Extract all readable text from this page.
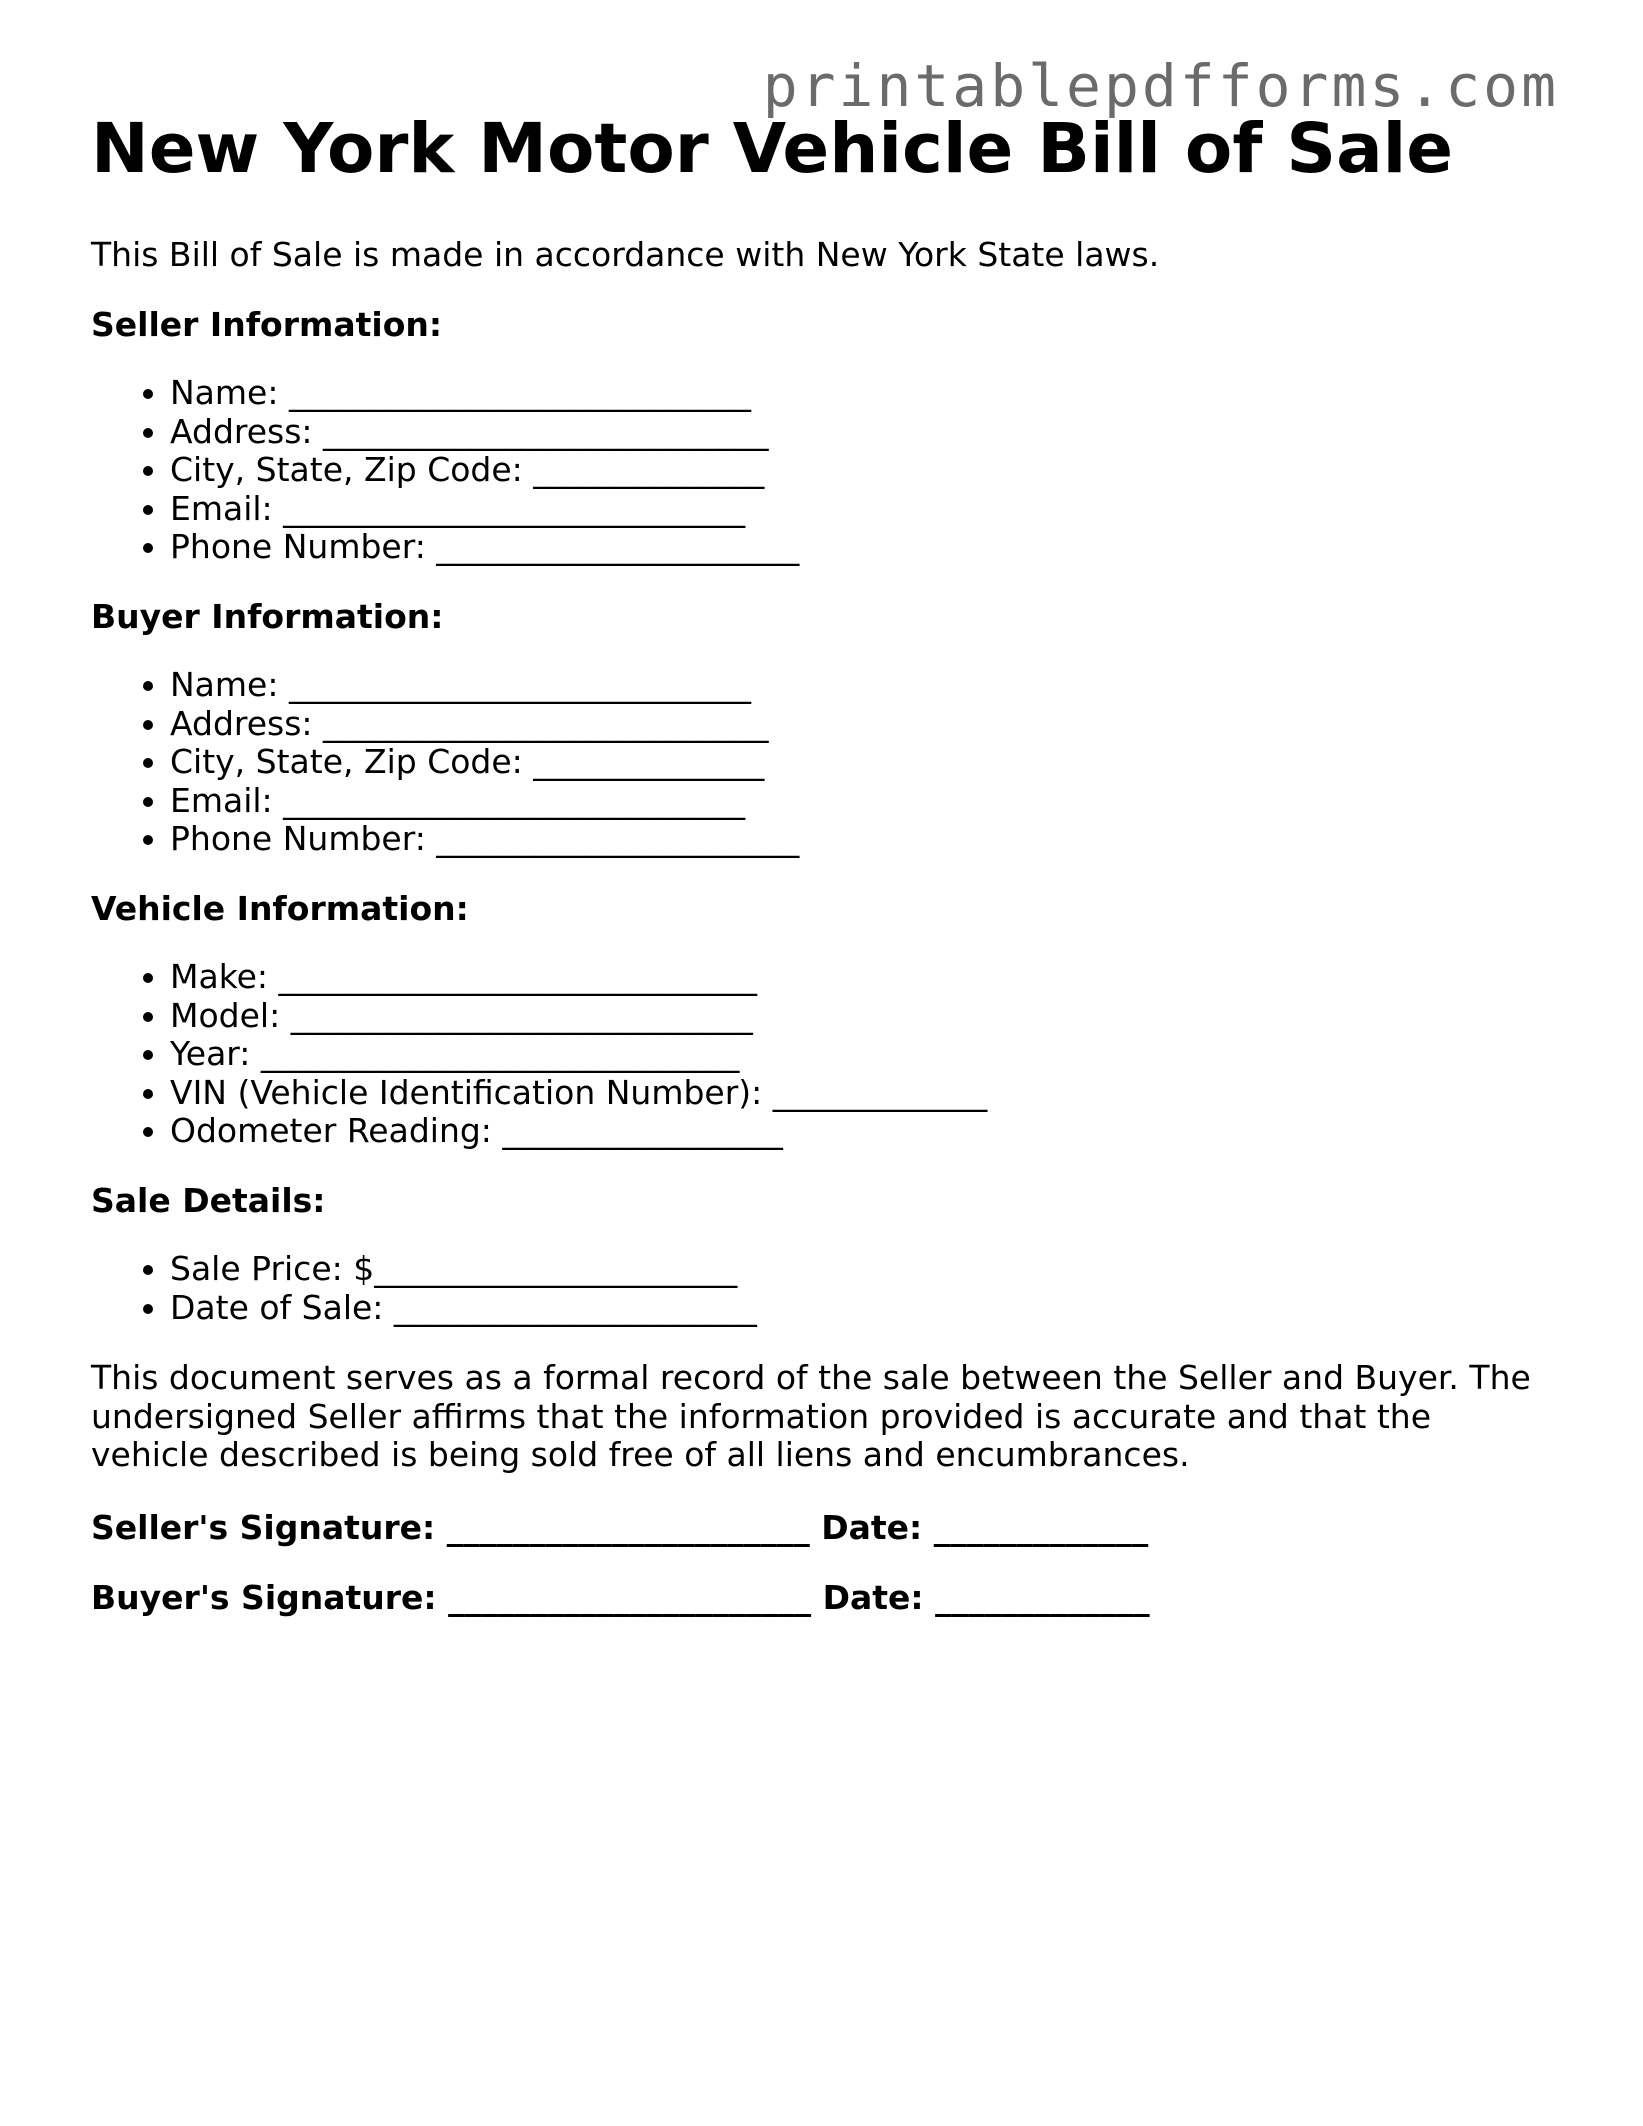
printablepdfforms.com
New York Motor Vehicle Bill of Sale

This Bill of Sale is made in accordance with New York State laws.

Seller Information:

• Name: ____________________________
• Address: ___________________________
• City, State, Zip Code: ______________
• Email: ____________________________
• Phone Number: ______________________

Buyer Information:

• Name: ____________________________
• Address: ___________________________
• City, State, Zip Code: ______________
• Email: ____________________________
• Phone Number: ______________________

Vehicle Information:

• Make: _____________________________
• Model: ____________________________
• Year: _____________________________
• VIN (Vehicle Identification Number): _____________
• Odometer Reading: _________________

Sale Details:

• Sale Price: $______________________
• Date of Sale: ______________________

This document serves as a formal record of the sale between the Seller and Buyer. The undersigned Seller affirms that the information provided is accurate and that the vehicle described is being sold free of all liens and encumbrances.

Seller's Signature: ______________________ Date: _____________

Buyer's Signature: ______________________ Date: _____________
